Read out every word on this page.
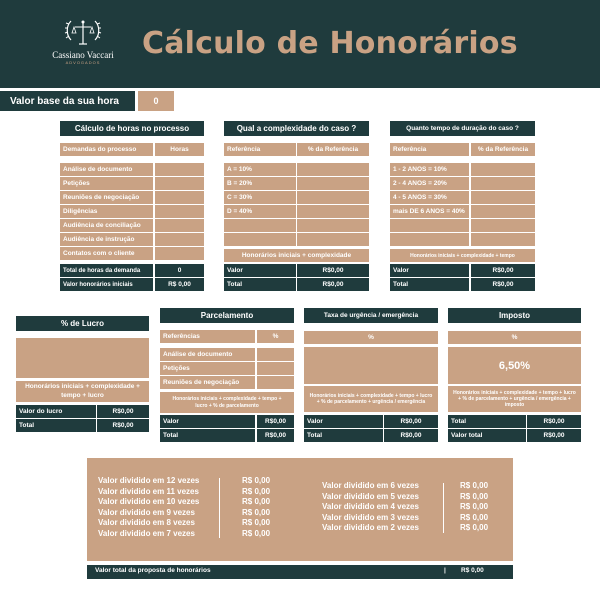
Cassiano Vaccari
ADVOGADOS
Cálculo de Honorários
Valor base da sua hora	0
Cálculo de horas no processo
Demandas do processo	Horas
Análise de documento
Petições
Reuniões de negociação
Diligências
Audiência de conciliação
Audiência de instrução
Contatos com o cliente
Total de horas da demanda	0
Valor honorários iniciais	R$ 0,00
Qual a complexidade do caso ?
Referência	% da Referência
A = 10%
B = 20%
C = 30%
D = 40%
Honorários iniciais + complexidade
Valor	R$0,00
Total	R$0,00
Quanto tempo de duração do caso ?
Referência	% da Referência
1 - 2 ANOS = 10%
2 - 4 ANOS = 20%
4 - 5 ANOS = 30%
mais DE 6 ANOS = 40%
Honorários iniciais + complexidade + tempo
Valor	R$0,00
Total	R$0,00
% de Lucro
Honorários iniciais + complexidade + tempo + lucro
Valor do lucro	R$0,00
Total	R$0,00
Parcelamento
Referências	%
Análise de documento
Petições
Reuniões de negociação
Honorários iniciais + complexidade + tempo + lucro + % de parcelamento
Valor	R$0,00
Total	R$0,00
Taxa de urgência / emergência
%
Honorários iniciais + complexidade + tempo + lucro + % de parcelamento + urgência / emergência
Valor	R$0,00
Total	R$0,00
Imposto
%
6,50%
Honorários iniciais + complexidade + tempo + lucro + % de parcelamento + urgência / emergência + imposto
Total	R$0,00
Valor total	R$0,00
Valor dividido em 12 vezes	R$ 0,00
Valor dividido em 11 vezes	R$ 0,00
Valor dividido em 10 vezes	R$ 0,00
Valor dividido em 9 vezes	R$ 0,00
Valor dividido em 8 vezes	R$ 0,00
Valor dividido em 7 vezes	R$ 0,00
Valor dividido em 6 vezes	R$ 0,00
Valor dividido em 5 vezes	R$ 0,00
Valor dividido em 4 vezes	R$ 0,00
Valor dividido em 3 vezes	R$ 0,00
Valor dividido em 2 vezes	R$ 0,00
Valor total da proposta de honorários	| R$ 0,00
